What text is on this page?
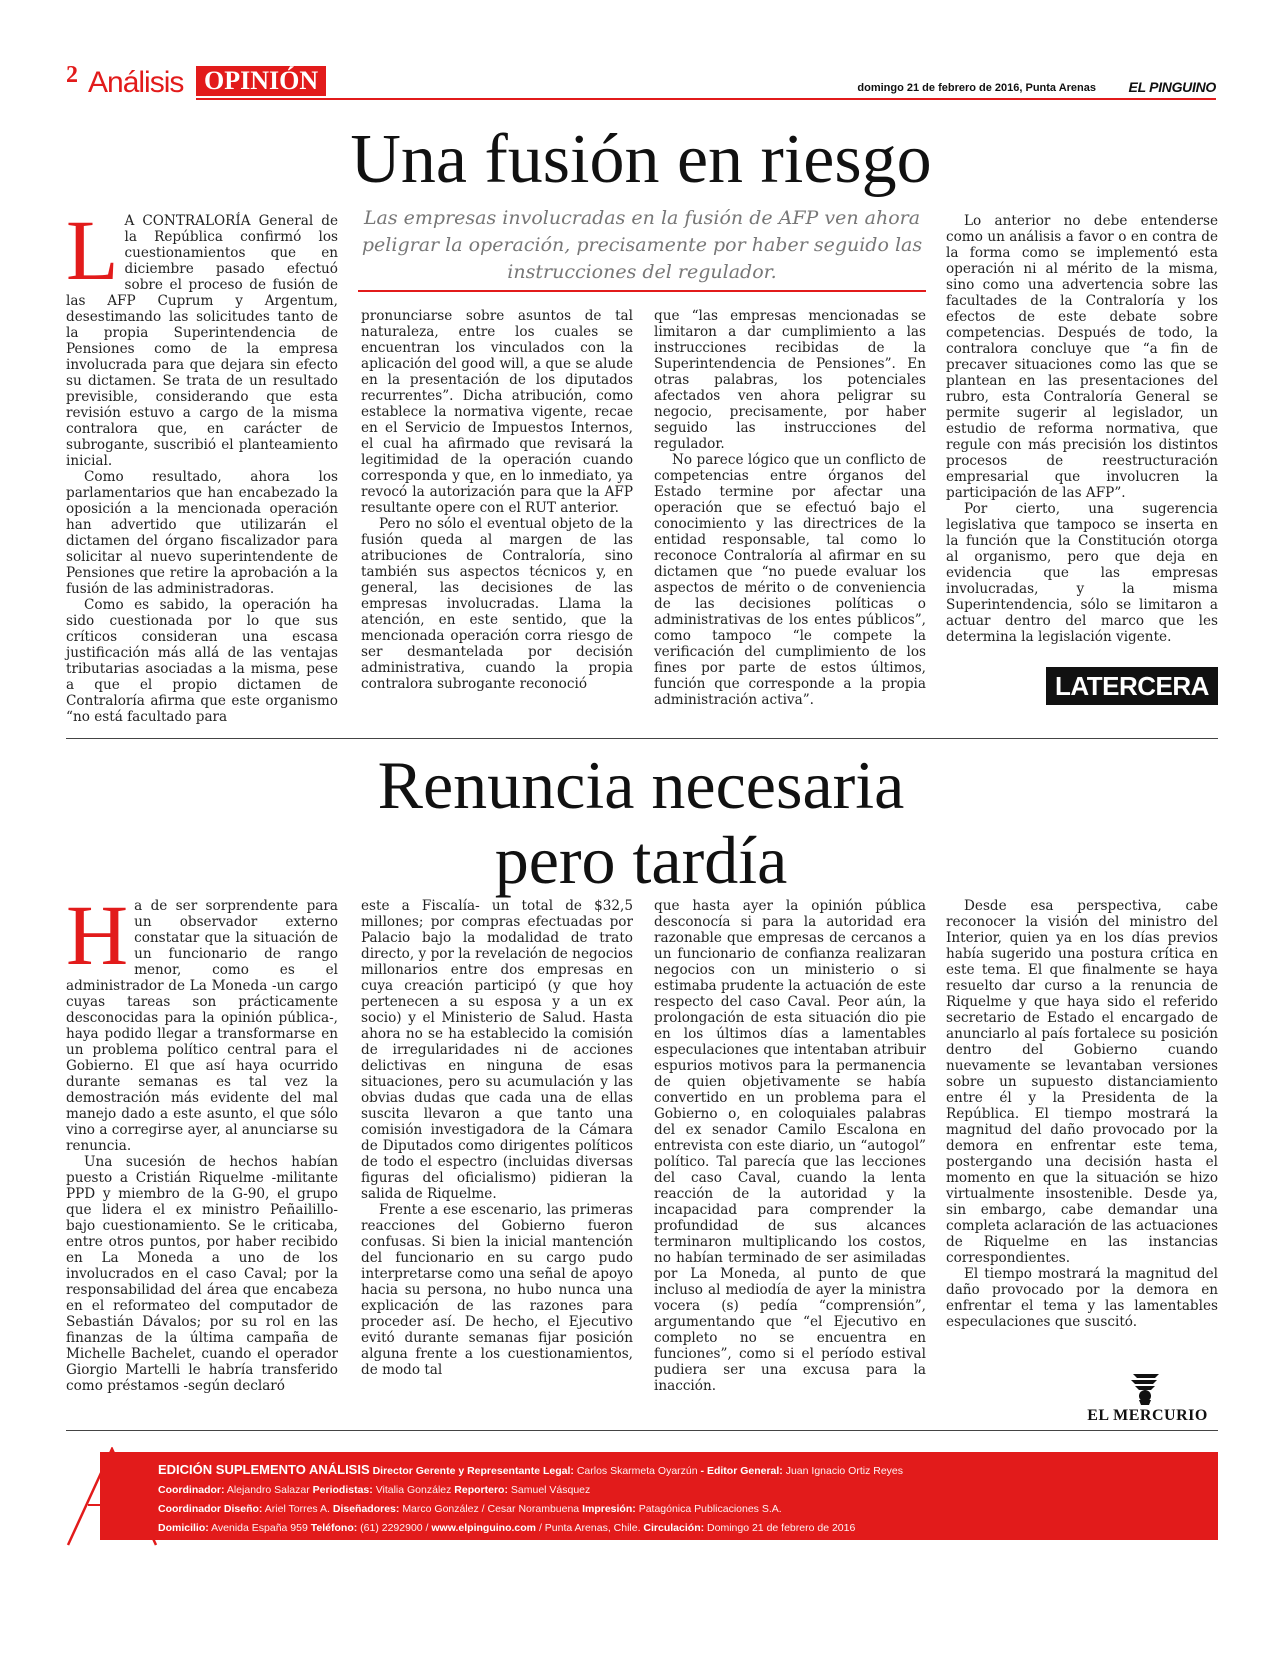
2 Análisis OPINIÓN	domingo 21 de febrero de 2016, Punta Arenas EL PINGUINO
Una fusión en riesgo
L A CONTRALORÍA General de la República confirmó los cuestionamientos que en diciembre pasado efectuó sobre el proceso de fusión de las AFP Cuprum y Argentum, desestimando las solicitudes tanto de la propia Superintendencia de Pensiones como de la empresa involucrada para que dejara sin efecto su dictamen. Se trata de un resultado previsible, considerando que esta revisión estuvo a cargo de la misma contralora que, en carácter de subrogante, suscribió el planteamiento inicial.

Como resultado, ahora los parlamentarios que han encabezado la oposición a la mencionada operación han advertido que utilizarán el dictamen del órgano fiscalizador para solicitar al nuevo superintendente de Pensiones que retire la aprobación a la fusión de las administradoras.

Como es sabido, la operación ha sido cuestionada por lo que sus críticos consideran una escasa justificación más allá de las ventajas tributarias asociadas a la misma, pese a que el propio dictamen de Contraloría afirma que este organismo “no está facultado para

Las empresas involucradas en la fusión de AFP ven ahora peligrar la operación, precisamente por haber seguido las instrucciones del regulador.

pronunciarse sobre asuntos de tal naturaleza, entre los cuales se encuentran los vinculados con la aplicación del good will, a que se alude en la presentación de los diputados recurrentes”. Dicha atribución, como establece la normativa vigente, recae en el Servicio de Impuestos Internos, el cual ha afirmado que revisará la legitimidad de la operación cuando corresponda y que, en lo inmediato, ya revocó la autorización para que la AFP resultante opere con el RUT anterior.

Pero no sólo el eventual objeto de la fusión queda al margen de las atribuciones de Contraloría, sino también sus aspectos técnicos y, en general, las decisiones de las empresas involucradas. Llama la atención, en este sentido, que la mencionada operación corra riesgo de ser desmantelada por decisión administrativa, cuando la propia contralora subrogante reconoció

que “las empresas mencionadas se limitaron a dar cumplimiento a las instrucciones recibidas de la Superintendencia de Pensiones”. En otras palabras, los potenciales afectados ven ahora peligrar su negocio, precisamente, por haber seguido las instrucciones del regulador.

No parece lógico que un conflicto de competencias entre órganos del Estado termine por afectar una operación que se efectuó bajo el conocimiento y las directrices de la entidad responsable, tal como lo reconoce Contraloría al afirmar en su dictamen que “no puede evaluar los aspectos de mérito o de conveniencia de las decisiones políticas o administrativas de los entes públicos”, como tampoco “le compete la verificación del cumplimiento de los fines por parte de estos últimos, función que corresponde a la propia administración activa”.

Lo anterior no debe entenderse como un análisis a favor o en contra de la forma como se implementó esta operación ni al mérito de la misma, sino como una advertencia sobre las facultades de la Contraloría y los efectos de este debate sobre competencias. Después de todo, la contralora concluye que “a fin de precaver situaciones como las que se plantean en las presentaciones del rubro, esta Contraloría General se permite sugerir al legislador, un estudio de reforma normativa, que regule con más precisión los distintos procesos de reestructuración empresarial que involucren la participación de las AFP”.

Por cierto, una sugerencia legislativa que tampoco se inserta en la función que la Constitución otorga al organismo, pero que deja en evidencia que las empresas involucradas, y la misma Superintendencia, sólo se limitaron a actuar dentro del marco que les determina la legislación vigente.

LATERCERA
Renuncia necesaria
pero tardía
H a de ser sorprendente para un observador externo constatar que la situación de un funcionario de rango menor, como es el administrador de La Moneda -un cargo cuyas tareas son prácticamente desconocidas para la opinión pública-, haya podido llegar a transformarse en un problema político central para el Gobierno. El que así haya ocurrido durante semanas es tal vez la demostración más evidente del mal manejo dado a este asunto, el que sólo vino a corregirse ayer, al anunciarse su renuncia.

Una sucesión de hechos habían puesto a Cristián Riquelme -militante PPD y miembro de la G-90, el grupo que lidera el ex ministro Peñailillo- bajo cuestionamiento. Se le criticaba, entre otros puntos, por haber recibido en La Moneda a uno de los involucrados en el caso Caval; por la responsabilidad del área que encabeza en el reformateo del computador de Sebastián Dávalos; por su rol en las finanzas de la última campaña de Michelle Bachelet, cuando el operador Giorgio Martelli le habría transferido como préstamos -según declaró

este a Fiscalía- un total de $32,5 millones; por compras efectuadas por Palacio bajo la modalidad de trato directo, y por la revelación de negocios millonarios entre dos empresas en cuya creación participó (y que hoy pertenecen a su esposa y a un ex socio) y el Ministerio de Salud. Hasta ahora no se ha establecido la comisión de irregularidades ni de acciones delictivas en ninguna de esas situaciones, pero su acumulación y las obvias dudas que cada una de ellas suscita llevaron a que tanto una comisión investigadora de la Cámara de Diputados como dirigentes políticos de todo el espectro (incluidas diversas figuras del oficialismo) pidieran la salida de Riquelme.

Frente a ese escenario, las primeras reacciones del Gobierno fueron confusas. Si bien la inicial mantención del funcionario en su cargo pudo interpretarse como una señal de apoyo hacia su persona, no hubo nunca una explicación de las razones para proceder así. De hecho, el Ejecutivo evitó durante semanas fijar posición alguna frente a los cuestionamientos, de modo tal

que hasta ayer la opinión pública desconocía si para la autoridad era razonable que empresas de cercanos a un funcionario de confianza realizaran negocios con un ministerio o si estimaba prudente la actuación de este respecto del caso Caval. Peor aún, la prolongación de esta situación dio pie en los últimos días a lamentables especulaciones que intentaban atribuir espurios motivos para la permanencia de quien objetivamente se había convertido en un problema para el Gobierno o, en coloquiales palabras del ex senador Camilo Escalona en entrevista con este diario, un “autogol” político. Tal parecía que las lecciones del caso Caval, cuando la lenta reacción de la autoridad y la incapacidad para comprender la profundidad de sus alcances terminaron multiplicando los costos, no habían terminado de ser asimiladas por La Moneda, al punto de que incluso al mediodía de ayer la ministra vocera (s) pedía “comprensión”, argumentando que “el Ejecutivo en completo no se encuentra en funciones”, como si el período estival pudiera ser una excusa para la inacción.

Desde esa perspectiva, cabe reconocer la visión del ministro del Interior, quien ya en los días previos había sugerido una postura crítica en este tema. El que finalmente se haya resuelto dar curso a la renuncia de Riquelme y que haya sido el referido secretario de Estado el encargado de anunciarlo al país fortalece su posición dentro del Gobierno cuando nuevamente se levantaban versiones sobre un supuesto distanciamiento entre él y la Presidenta de la República. El tiempo mostrará la magnitud del daño provocado por la demora en enfrentar este tema, postergando una decisión hasta el momento en que la situación se hizo virtualmente insostenible. Desde ya, sin embargo, cabe demandar una completa aclaración de las actuaciones de Riquelme en las instancias correspondientes.

El tiempo mostrará la magnitud del daño provocado por la demora en enfrentar el tema y las lamentables especulaciones que suscitó.

EL MERCURIO
EDICIÓN SUPLEMENTO ANÁLISIS Director Gerente y Representante Legal: Carlos Skarmeta Oyarzún - Editor General: Juan Ignacio Ortiz Reyes
Coordinador: Alejandro Salazar Periodistas: Vitalia González Reportero: Samuel Vásquez
Coordinador Diseño: Ariel Torres A. Diseñadores: Marco González / Cesar Norambuena Impresión: Patagónica Publicaciones S.A.
Domicilio: Avenida España 959 Teléfono: (61) 2292900 / www.elpinguino.com / Punta Arenas, Chile. Circulación: Domingo 21 de febrero de 2016
